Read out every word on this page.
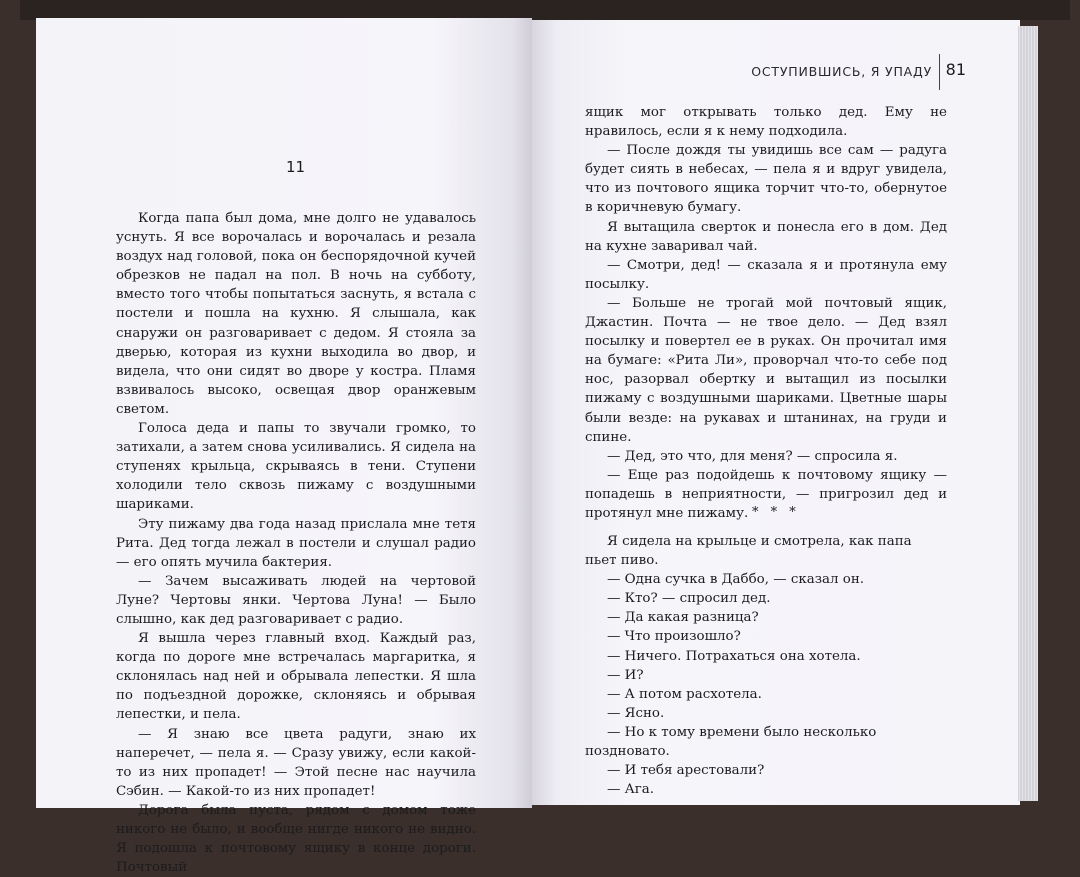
11

Когда папа был дома, мне долго не удавалось уснуть. Я все ворочалась и ворочалась и резала воздух над головой, пока он беспорядочной кучей обрезков не падал на пол. В ночь на субботу, вместо того чтобы попытаться заснуть, я встала с постели и пошла на кухню. Я слышала, как снаружи он разговаривает с дедом. Я стояла за дверью, которая из кухни выходила во двор, и видела, что они сидят во дворе у костра. Пламя взвивалось высоко, освещая двор оранжевым светом.

Голоса деда и папы то звучали громко, то затихали, а затем снова усиливались. Я сидела на ступенях крыльца, скрываясь в тени. Ступени холодили тело сквозь пижаму с воздушными шариками.

Эту пижаму два года назад прислала мне тетя Рита. Дед тогда лежал в постели и слушал радио — его опять мучила бактерия.

— Зачем высаживать людей на чертовой Луне? Чертовы янки. Чертова Луна! — Было слышно, как дед разговаривает с радио.

Я вышла через главный вход. Каждый раз, когда по дороге мне встречалась маргаритка, я склонялась над ней и обрывала лепестки. Я шла по подъездной дорожке, склоняясь и обрывая лепестки, и пела.

— Я знаю все цвета радуги, знаю их наперечет, — пела я. — Сразу увижу, если какой-то из них пропадет! — Этой песне нас научила Сэбин. — Какой-то из них пропадет!

Дорога была пуста, рядом с домом тоже никого не было, и вообще нигде никого не видно. Я подошла к почтовому ящику в конце дороги. Почтовый

ОСТУПИВШИСЬ, Я УПАДУ 81

ящик мог открывать только дед. Ему не нравилось, если я к нему подходила.

— После дождя ты увидишь все сам — радуга будет сиять в небесах, — пела я и вдруг увидела, что из почтового ящика торчит что-то, обернутое в коричневую бумагу.

Я вытащила сверток и понесла его в дом. Дед на кухне заваривал чай.

— Смотри, дед! — сказала я и протянула ему посылку.

— Больше не трогай мой почтовый ящик, Джастин. Почта — не твое дело. — Дед взял посылку и повертел ее в руках. Он прочитал имя на бумаге: «Рита Ли», проворчал что-то себе под нос, разорвал обертку и вытащил из посылки пижаму с воздушными шариками. Цветные шары были везде: на рукавах и штанинах, на груди и спине.

— Дед, это что, для меня? — спросила я.

— Еще раз подойдешь к почтовому ящику — попадешь в неприятности, — пригрозил дед и протянул мне пижаму. * * *

Я сидела на крыльце и смотрела, как папа пьет пиво.

— Одна сучка в Даббо, — сказал он.

— Кто? — спросил дед.

— Да какая разница?

— Что произошло?

— Ничего. Потрахаться она хотела.

— И?

— А потом расхотела.

— Ясно.

— Но к тому времени было несколько поздновато.

— И тебя арестовали?

— Ага.
